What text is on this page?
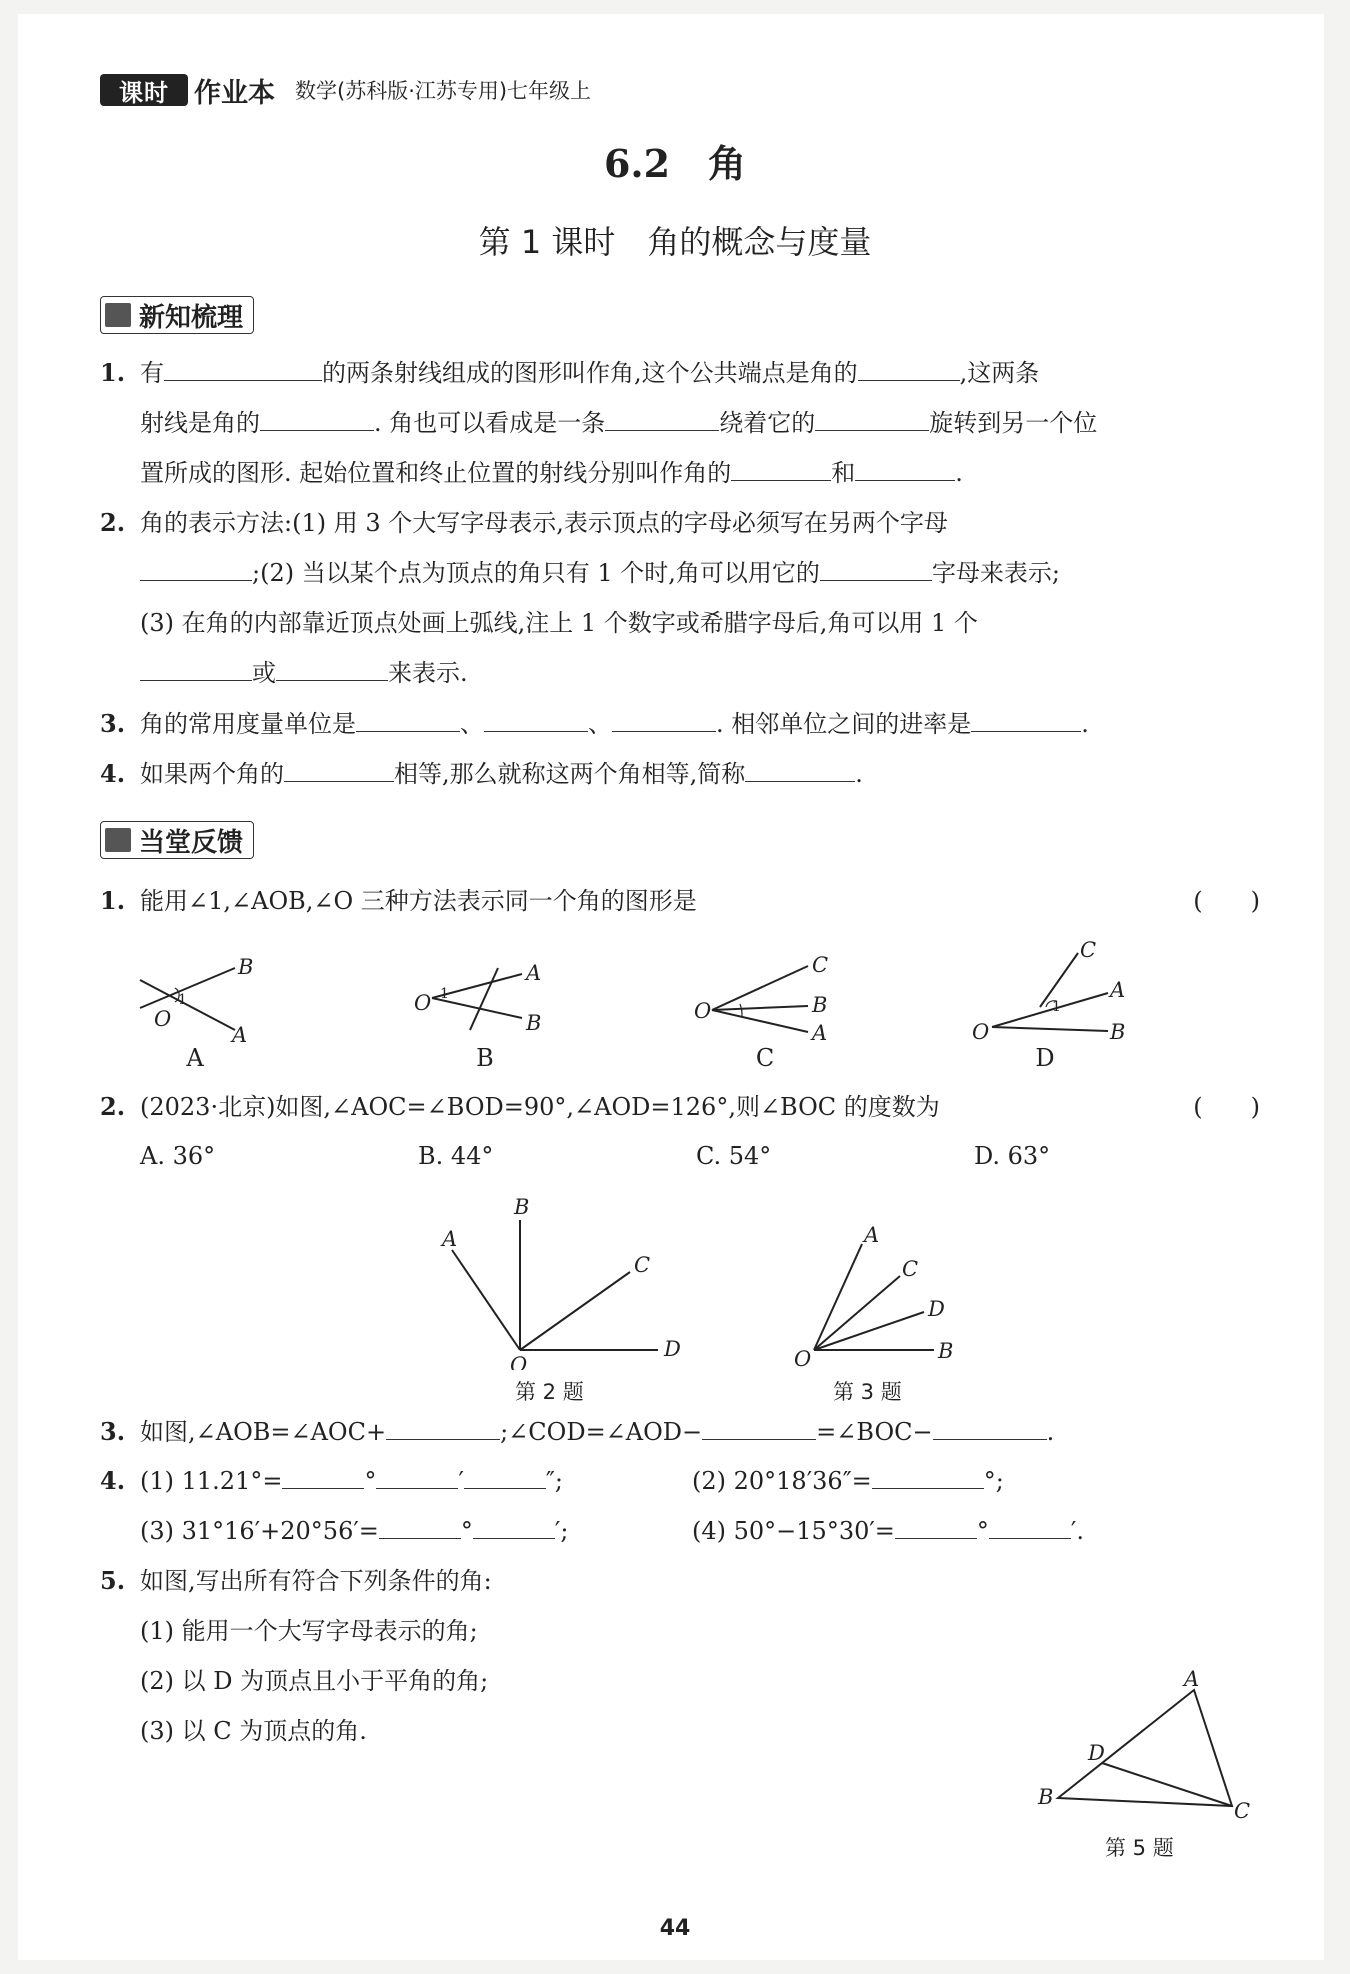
课时 作业本 数学(苏科版·江苏专用)七年级上
6.2　角
第 1 课时　角的概念与度量
新知梳理
1. 有	的两条射线组成的图形叫作角,这个公共端点是角的	,这两条
射线是角的	. 角也可以看成是一条	绕着它的	旋转到另一个位
置所成的图形. 起始位置和终止位置的射线分别叫作角的	和	.
2. 角的表示方法:(1) 用 3 个大写字母表示,表示顶点的字母必须写在另两个字母
;(2) 当以某个点为顶点的角只有 1 个时,角可以用它的	字母来表示;
(3) 在角的内部靠近顶点处画上弧线,注上 1 个数字或希腊字母后,角可以用 1 个
或	来表示.
3. 角的常用度量单位是	、	、	. 相邻单位之间的进率是	.
4. 如果两个角的	相等,那么就称这两个角相等,简称	.
当堂反馈
1. 能用∠1,∠AOB,∠O 三种方法表示同一个角的图形是	(　　)
B
A
O
1
A
A
B
O 1
B
C
B
A
O
C
C
A
B
O
1
D
2. (2023·北京)如图,∠AOC=∠BOD=90°,∠AOD=126°,则∠BOC 的度数为	(　　)
A. 36°	B. 44°	C. 54°	D. 63°
B
A
C
D
O
第 2 题
A
C
D
B
O
第 3 题
3. 如图,∠AOB=∠AOC+	;∠COD=∠AOD−	=∠BOC−	.
4. (1) 11.21°=	°	′	″;	(2) 20°18′36″=	°;
(3) 31°16′+20°56′=	°	′;	(4) 50°−15°30′=	°	′.
5. 如图,写出所有符合下列条件的角:
(1) 能用一个大写字母表示的角;
(2) 以 D 为顶点且小于平角的角;
(3) 以 C 为顶点的角.
A
D
B
C
第 5 题
44
